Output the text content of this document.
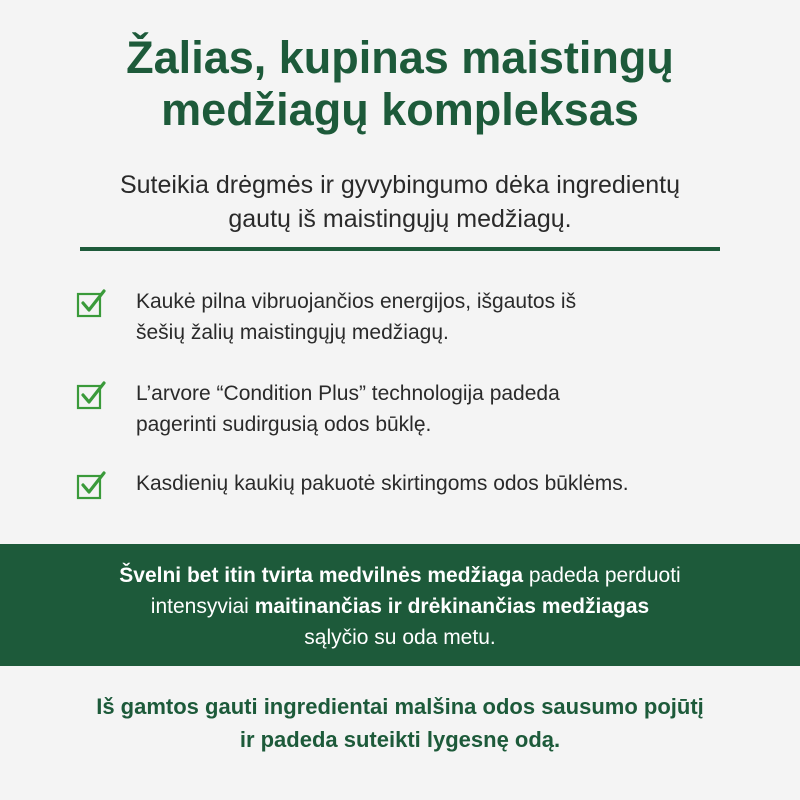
Žalias, kupinas maistingų
medžiagų kompleksas

Suteikia drėgmės ir gyvybingumo dėka ingredientų
gautų iš maistingųjų medžiagų.

Kaukė pilna vibruojančios energijos, išgautos iš
šešių žalių maistingųjų medžiagų.
L’arvore “Condition Plus” technologija padeda
pagerinti sudirgusią odos būklę.
Kasdienių kaukių pakuotė skirtingoms odos būklėms.
Švelni bet itin tvirta medvilnės medžiaga padeda perduoti
intensyviai maitinančias ir drėkinančias medžiagas
sąlyčio su oda metu.
Iš gamtos gauti ingredientai malšina odos sausumo pojūtį
ir padeda suteikti lygesnę odą.
